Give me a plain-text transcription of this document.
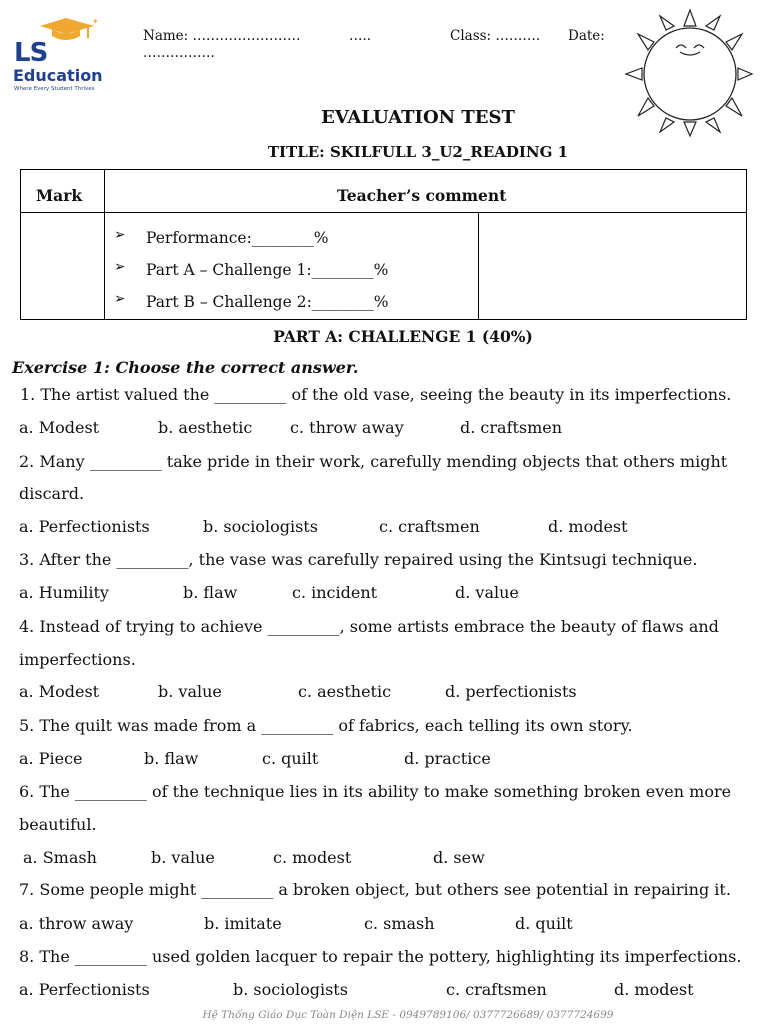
✦
LS
Education
Where Every Student Thrives
Name: ……………………	…..	Class: ………. Date:
…………….
EVALUATION TEST
TITLE: SKILFULL 3_U2_READING 1
Mark	Teacher’s comment
➢ Performance:________%
➢ Part A – Challenge 1:________%
➢ Part B – Challenge 2:________%
PART A: CHALLENGE 1 (40%)
Exercise 1: Choose the correct answer.
1. The artist valued the _________ of the old vase, seeing the beauty in its imperfections.
a. Modest	b. aesthetic c. throw away	d. craftsmen
2. Many _________ take pride in their work, carefully mending objects that others might
discard.
a. Perfectionists	b. sociologists	c. craftsmen	d. modest
3. After the _________, the vase was carefully repaired using the Kintsugi technique.
a. Humility	b. flaw	c. incident	d. value
4. Instead of trying to achieve _________, some artists embrace the beauty of flaws and
imperfections.
a. Modest	b. value	c. aesthetic	d. perfectionists
5. The quilt was made from a _________ of fabrics, each telling its own story.
a. Piece	b. flaw	c. quilt	d. practice
6. The _________ of the technique lies in its ability to make something broken even more
beautiful.
a. Smash	b. value	c. modest	d. sew
7. Some people might _________ a broken object, but others see potential in repairing it.
a. throw away	b. imitate	c. smash	d. quilt
8. The _________ used golden lacquer to repair the pottery, highlighting its imperfections.
a. Perfectionists	b. sociologists	c. craftsmen	d. modest
Hệ Thống Giáo Dục Toàn Diện LSE - 0949789106/ 0377726689/ 0377724699
